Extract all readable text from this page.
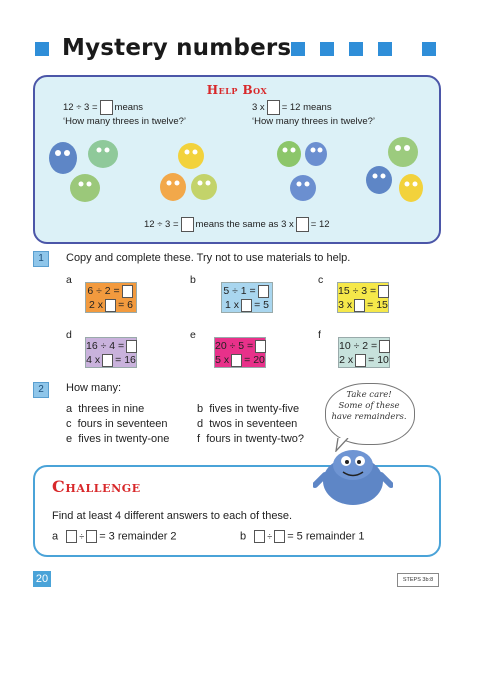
Mystery numbers
Help Box
12 ÷ 3 = means
‘How many threes in twelve?’
3 x = 12 means
‘How many threes in twelve?’
12 ÷ 3 = means the same as 3 x = 12
1	Copy and complete these. Try not to use materials to help.
a
6 ÷ 2 =
2 x = 6
b
5 ÷ 1 =
1 x = 5
c
15 ÷ 3 =
3 x = 15
d
16 ÷ 4 =
4 x = 16
e
20 ÷ 5 =
5 x = 20
f
10 ÷ 2 =
2 x = 10
2	How many:
a threes in nine	b fives in twenty-five
c fours in seventeen	d twos in seventeen
e fives in twenty-one	f fours in twenty-two?
Take care!
Some of these
have remainders.
Challenge
Find at least 4 different answers to each of these.
a ÷ = 3 remainder 2	b ÷ = 5 remainder 1
20	STEPS 3b:8
